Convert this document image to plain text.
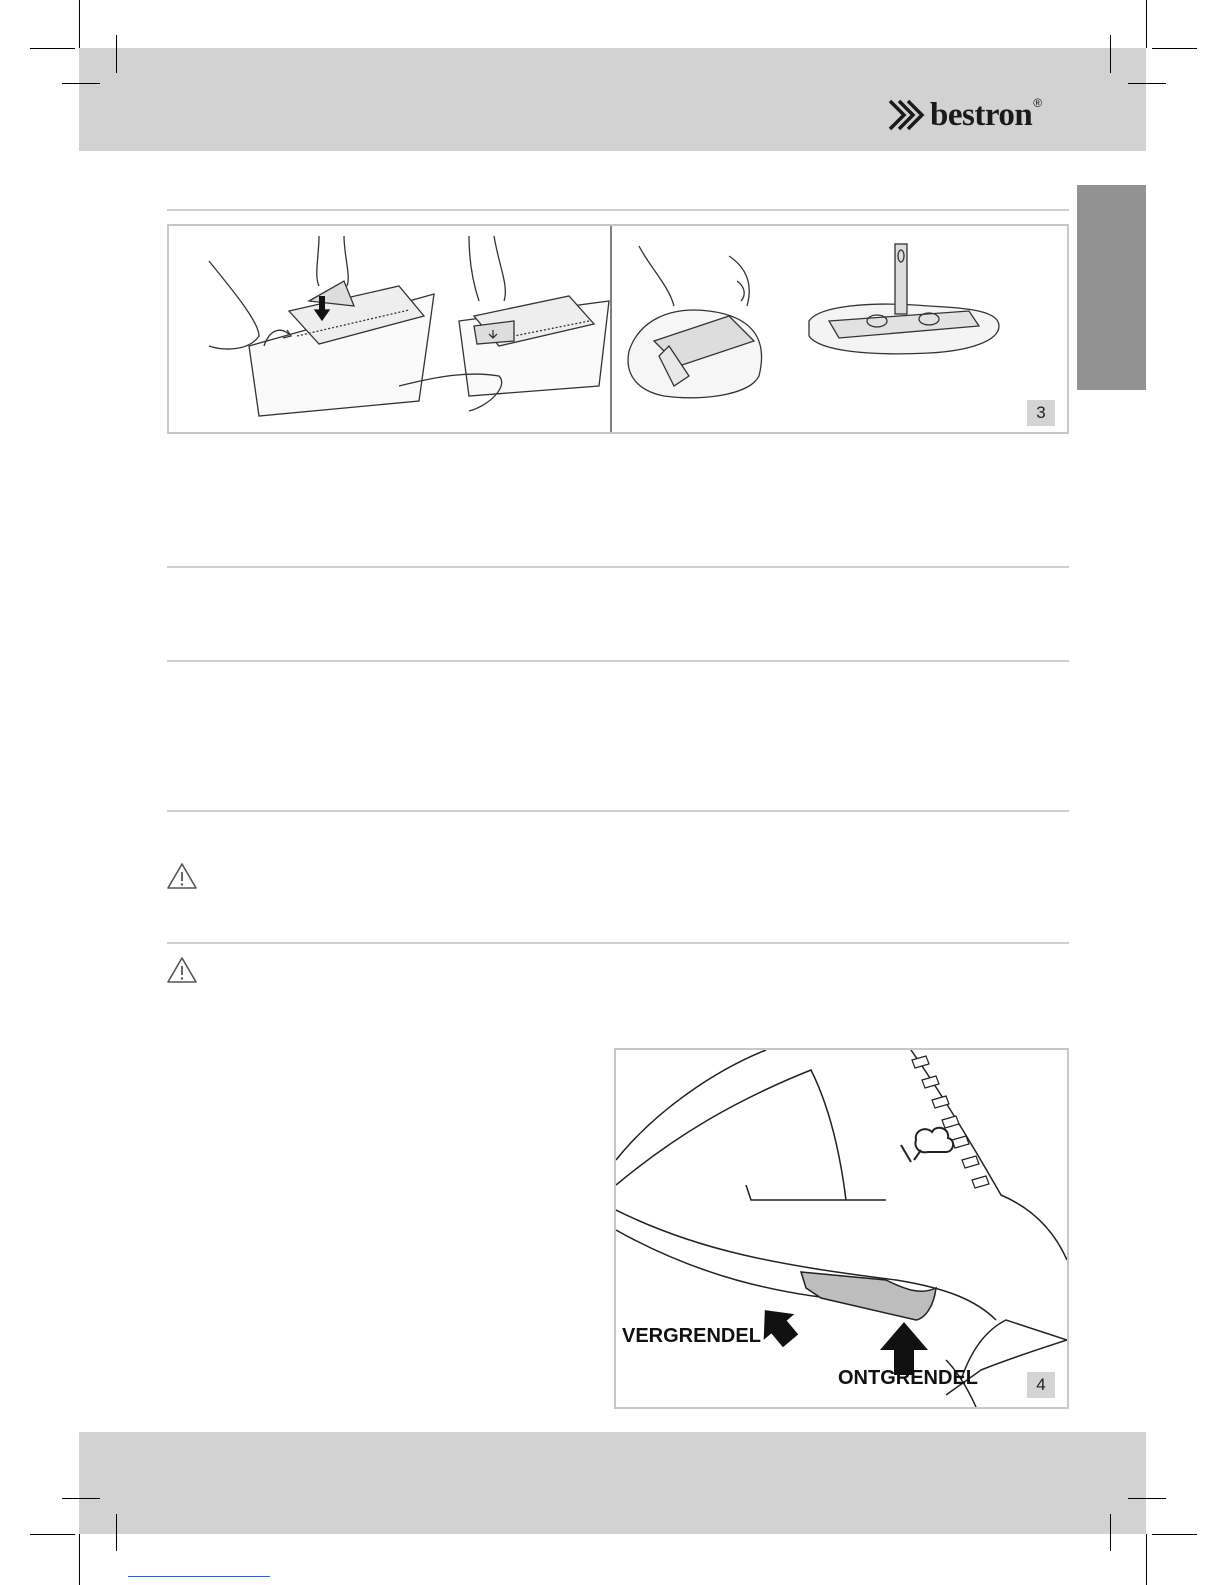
bestron ®
3
VERGRENDEL
ONTGRENDEL	4
